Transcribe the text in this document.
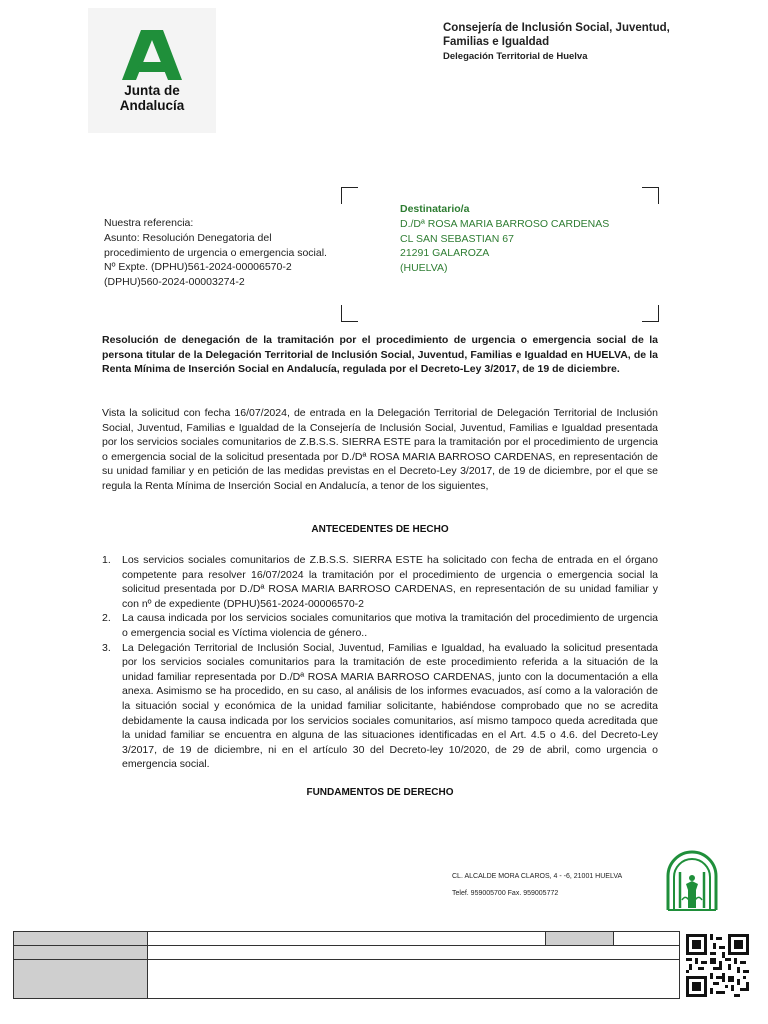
Junta de Andalucía
Consejería de Inclusión Social, Juventud,
Familias e Igualdad
Delegación Territorial de Huelva
Nuestra referencia:
Asunto: Resolución Denegatoria del
procedimiento de urgencia o emergencia social.
Nº Expte. (DPHU)561-2024-00006570-2
(DPHU)560-2024-00003274-2
Destinatario/a
D./Dª ROSA MARIA BARROSO CARDENAS
CL SAN SEBASTIAN 67
21291 GALAROZA
(HUELVA)
Resolución de denegación de la tramitación por el procedimiento de urgencia o emergencia social de la persona titular de la Delegación Territorial de Inclusión Social, Juventud, Familias e Igualdad en HUELVA, de la Renta Mínima de Inserción Social en Andalucía, regulada por el Decreto-Ley 3/2017, de 19 de diciembre.
Vista la solicitud con fecha 16/07/2024, de entrada en la Delegación Territorial de Delegación Territorial de Inclusión Social, Juventud, Familias e Igualdad de la Consejería de Inclusión Social, Juventud, Familias e Igualdad presentada por los servicios sociales comunitarios de Z.B.S.S. SIERRA ESTE para la tramitación por el procedimiento de urgencia o emergencia social de la solicitud presentada por D./Dª ROSA MARIA BARROSO CARDENAS, en representación de su unidad familiar y en petición de las medidas previstas en el Decreto-Ley 3/2017, de 19 de diciembre, por el que se regula la Renta Mínima de Inserción Social en Andalucía, a tenor de los siguientes,
ANTECEDENTES DE HECHO
1. Los servicios sociales comunitarios de Z.B.S.S. SIERRA ESTE ha solicitado con fecha de entrada en el órgano competente para resolver 16/07/2024 la tramitación por el procedimiento de urgencia o emergencia social la solicitud presentada por D./Dª ROSA MARIA BARROSO CARDENAS, en representación de su unidad familiar y con nº de expediente (DPHU)561-2024-00006570-2
2. La causa indicada por los servicios sociales comunitarios que motiva la tramitación del procedimiento de urgencia o emergencia social es Víctima violencia de género..
3. La Delegación Territorial de Inclusión Social, Juventud, Familias e Igualdad, ha evaluado la solicitud presentada por los servicios sociales comunitarios para la tramitación de este procedimiento referida a la situación de la unidad familiar representada por D./Dª ROSA MARIA BARROSO CARDENAS, junto con la documentación a ella anexa. Asimismo se ha procedido, en su caso, al análisis de los informes evacuados, así como a la valoración de la situación social y económica de la unidad familiar solicitante, habiéndose comprobado que no se acredita debidamente la causa indicada por los servicios sociales comunitarios, así mismo tampoco queda acreditada que la unidad familiar se encuentra en alguna de las situaciones identificadas en el Art. 4.5 o 4.6. del Decreto-Ley 3/2017, de 19 de diciembre, ni en el artículo 30 del Decreto-ley 10/2020, de 29 de abril, como urgencia o emergencia social.
FUNDAMENTOS DE DERECHO
CL. ALCALDE MORA CLAROS, 4 - -6, 21001 HUELVA
Telef. 959005700 Fax. 959005772
